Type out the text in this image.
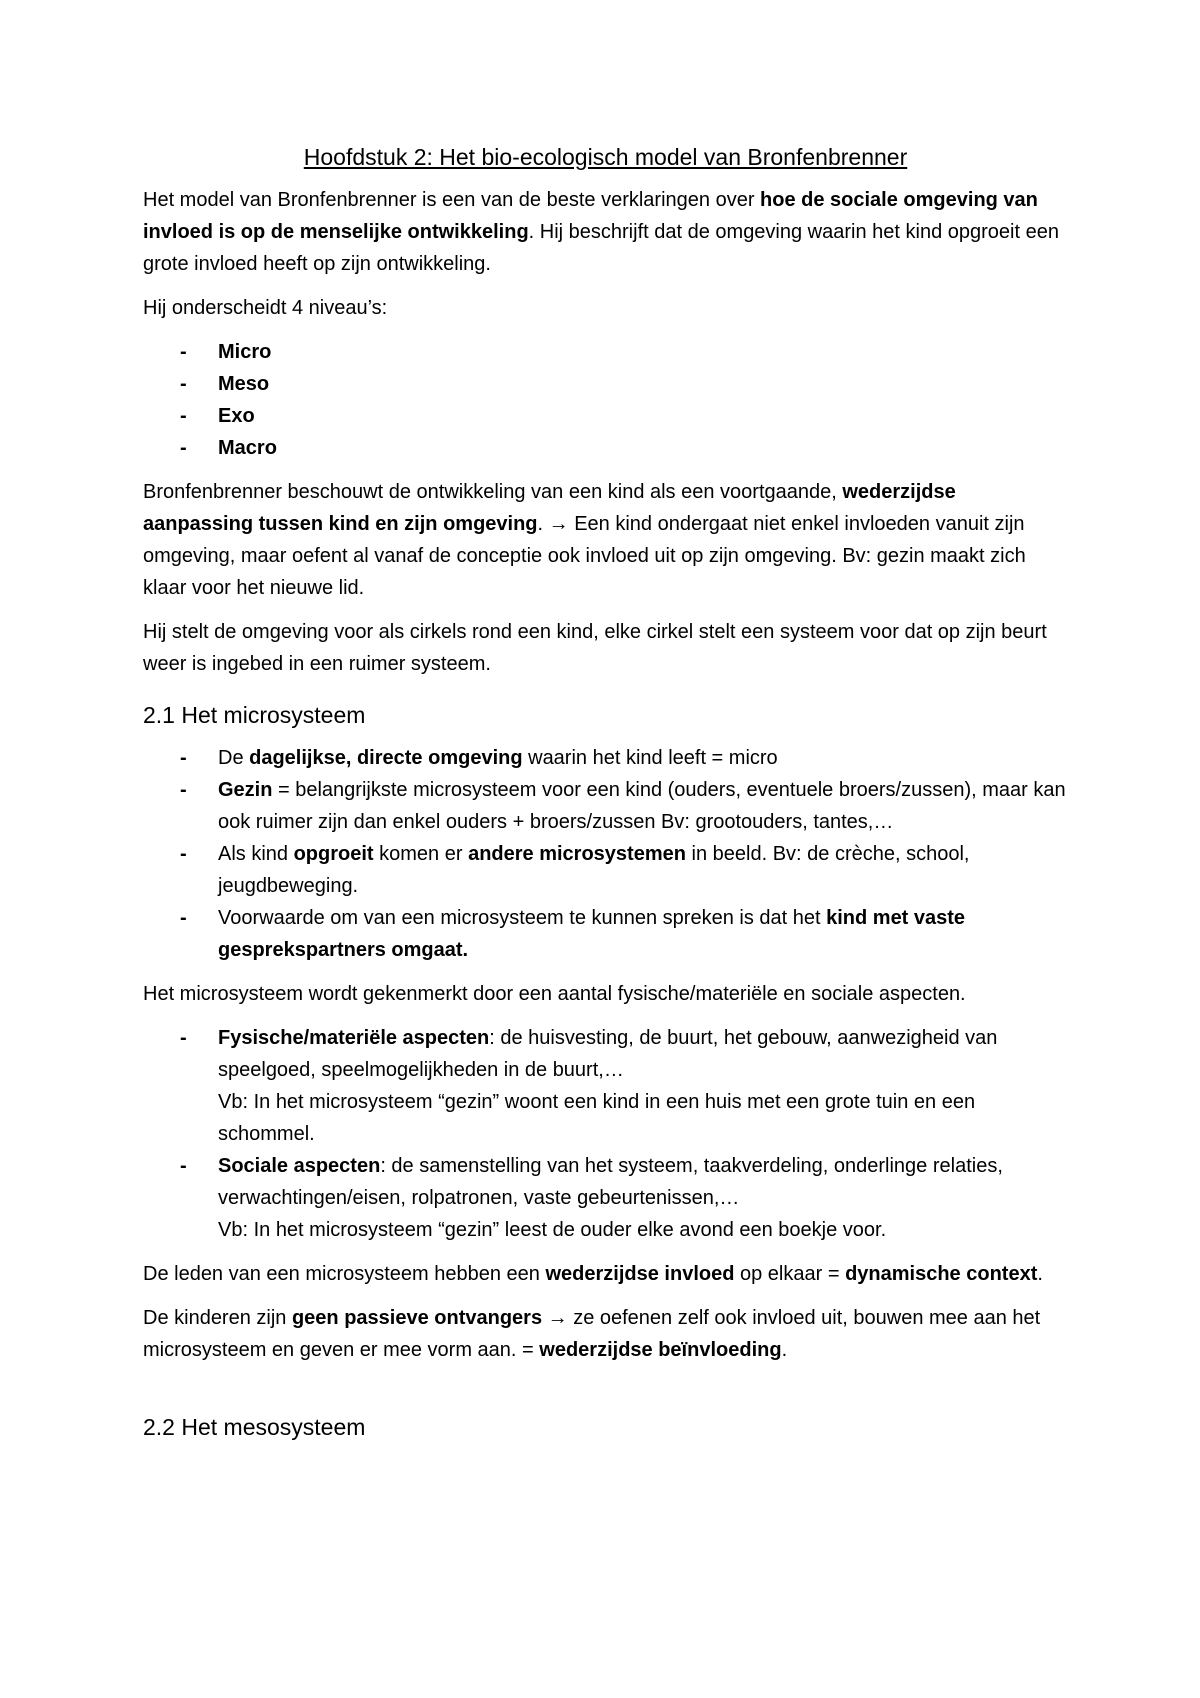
Hoofdstuk 2: Het bio-ecologisch model van Bronfenbrenner

Het model van Bronfenbrenner is een van de beste verklaringen over hoe de sociale omgeving van invloed is op de menselijke ontwikkeling. Hij beschrijft dat de omgeving waarin het kind opgroeit een grote invloed heeft op zijn ontwikkeling.

Hij onderscheidt 4 niveau’s:

- Micro
- Meso
- Exo
- Macro

Bronfenbrenner beschouwt de ontwikkeling van een kind als een voortgaande, wederzijdse aanpassing tussen kind en zijn omgeving. → Een kind ondergaat niet enkel invloeden vanuit zijn omgeving, maar oefent al vanaf de conceptie ook invloed uit op zijn omgeving. Bv: gezin maakt zich klaar voor het nieuwe lid.

Hij stelt de omgeving voor als cirkels rond een kind, elke cirkel stelt een systeem voor dat op zijn beurt weer is ingebed in een ruimer systeem.

2.1 Het microsysteem
- De dagelijkse, directe omgeving waarin het kind leeft = micro
- Gezin = belangrijkste microsysteem voor een kind (ouders, eventuele broers/zussen), maar kan ook ruimer zijn dan enkel ouders + broers/zussen Bv: grootouders, tantes,…
- Als kind opgroeit komen er andere microsystemen in beeld. Bv: de crèche, school, jeugdbeweging.
- Voorwaarde om van een microsysteem te kunnen spreken is dat het kind met vaste gesprekspartners omgaat.

Het microsysteem wordt gekenmerkt door een aantal fysische/materiële en sociale aspecten.

- Fysische/materiële aspecten: de huisvesting, de buurt, het gebouw, aanwezigheid van speelgoed, speelmogelijkheden in de buurt,…
Vb: In het microsysteem “gezin” woont een kind in een huis met een grote tuin en een schommel.
- Sociale aspecten: de samenstelling van het systeem, taakverdeling, onderlinge relaties, verwachtingen/eisen, rolpatronen, vaste gebeurtenissen,…
Vb: In het microsysteem “gezin” leest de ouder elke avond een boekje voor.

De leden van een microsysteem hebben een wederzijdse invloed op elkaar = dynamische context.

De kinderen zijn geen passieve ontvangers → ze oefenen zelf ook invloed uit, bouwen mee aan het microsysteem en geven er mee vorm aan. = wederzijdse beïnvloeding.

2.2 Het mesosysteem
